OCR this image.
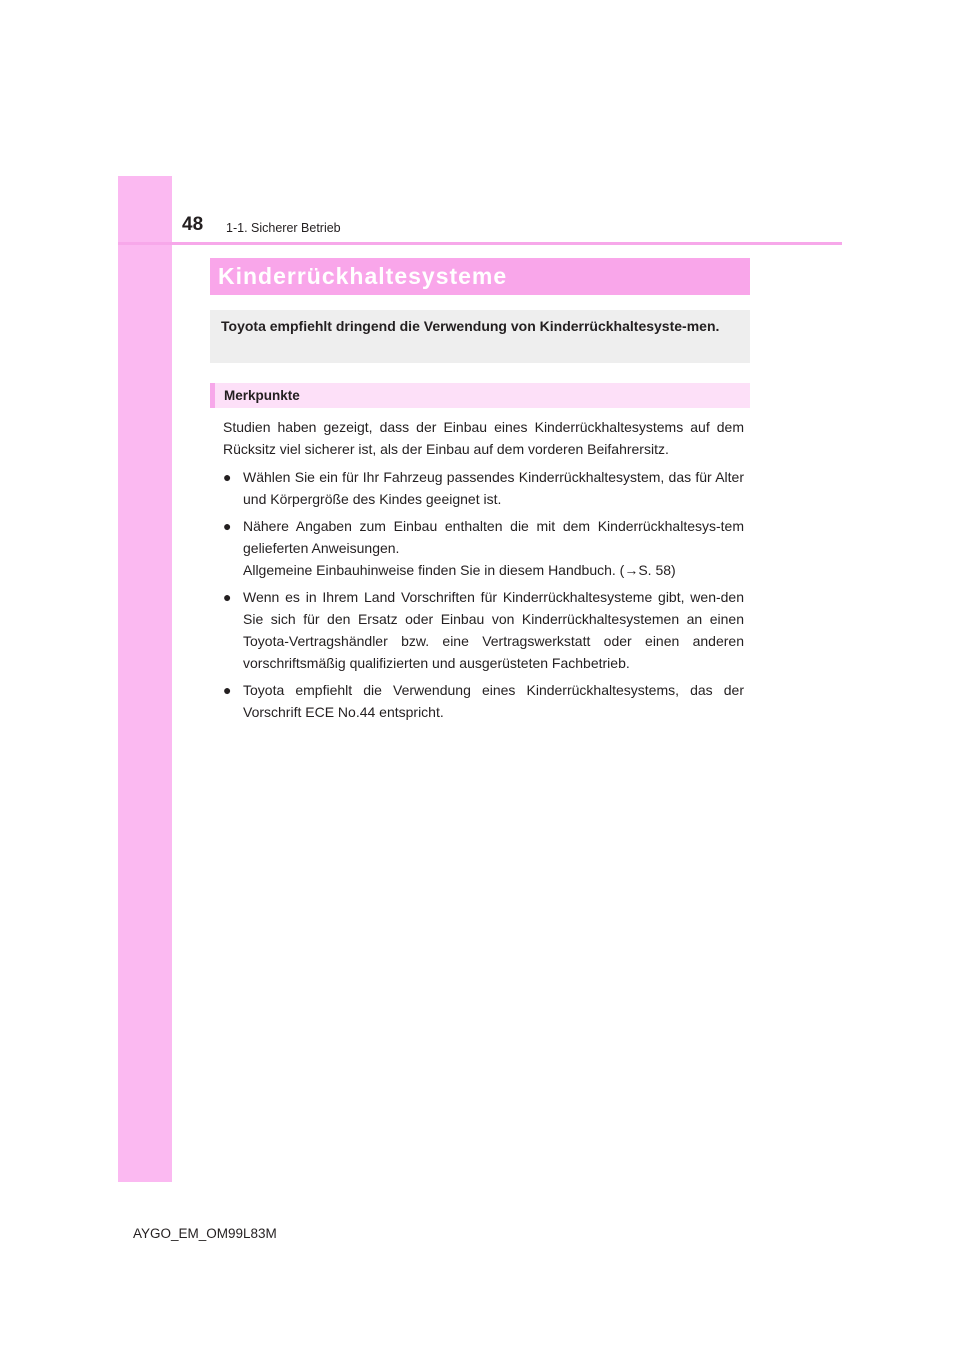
48 1-1. Sicherer Betrieb
Kinderrückhaltesysteme

Toyota empfiehlt dringend die Verwendung von Kinderrückhaltesyste-men.

Merkpunkte

Studien haben gezeigt, dass der Einbau eines Kinderrückhaltesystems auf dem Rücksitz viel sicherer ist, als der Einbau auf dem vorderen Beifahrersitz.

● Wählen Sie ein für Ihr Fahrzeug passendes Kinderrückhaltesystem, das für Alter und Körpergröße des Kindes geeignet ist.
● Nähere Angaben zum Einbau enthalten die mit dem Kinderrückhaltesys-tem gelieferten Anweisungen.
Allgemeine Einbauhinweise finden Sie in diesem Handbuch. (→S. 58)
● Wenn es in Ihrem Land Vorschriften für Kinderrückhaltesysteme gibt, wen-den Sie sich für den Ersatz oder Einbau von Kinderrückhaltesystemen an einen Toyota-Vertragshändler bzw. eine Vertragswerkstatt oder einen anderen vorschriftsmäßig qualifizierten und ausgerüsteten Fachbetrieb.
● Toyota empfiehlt die Verwendung eines Kinderrückhaltesystems, das der Vorschrift ECE No.44 entspricht.
AYGO_EM_OM99L83M
